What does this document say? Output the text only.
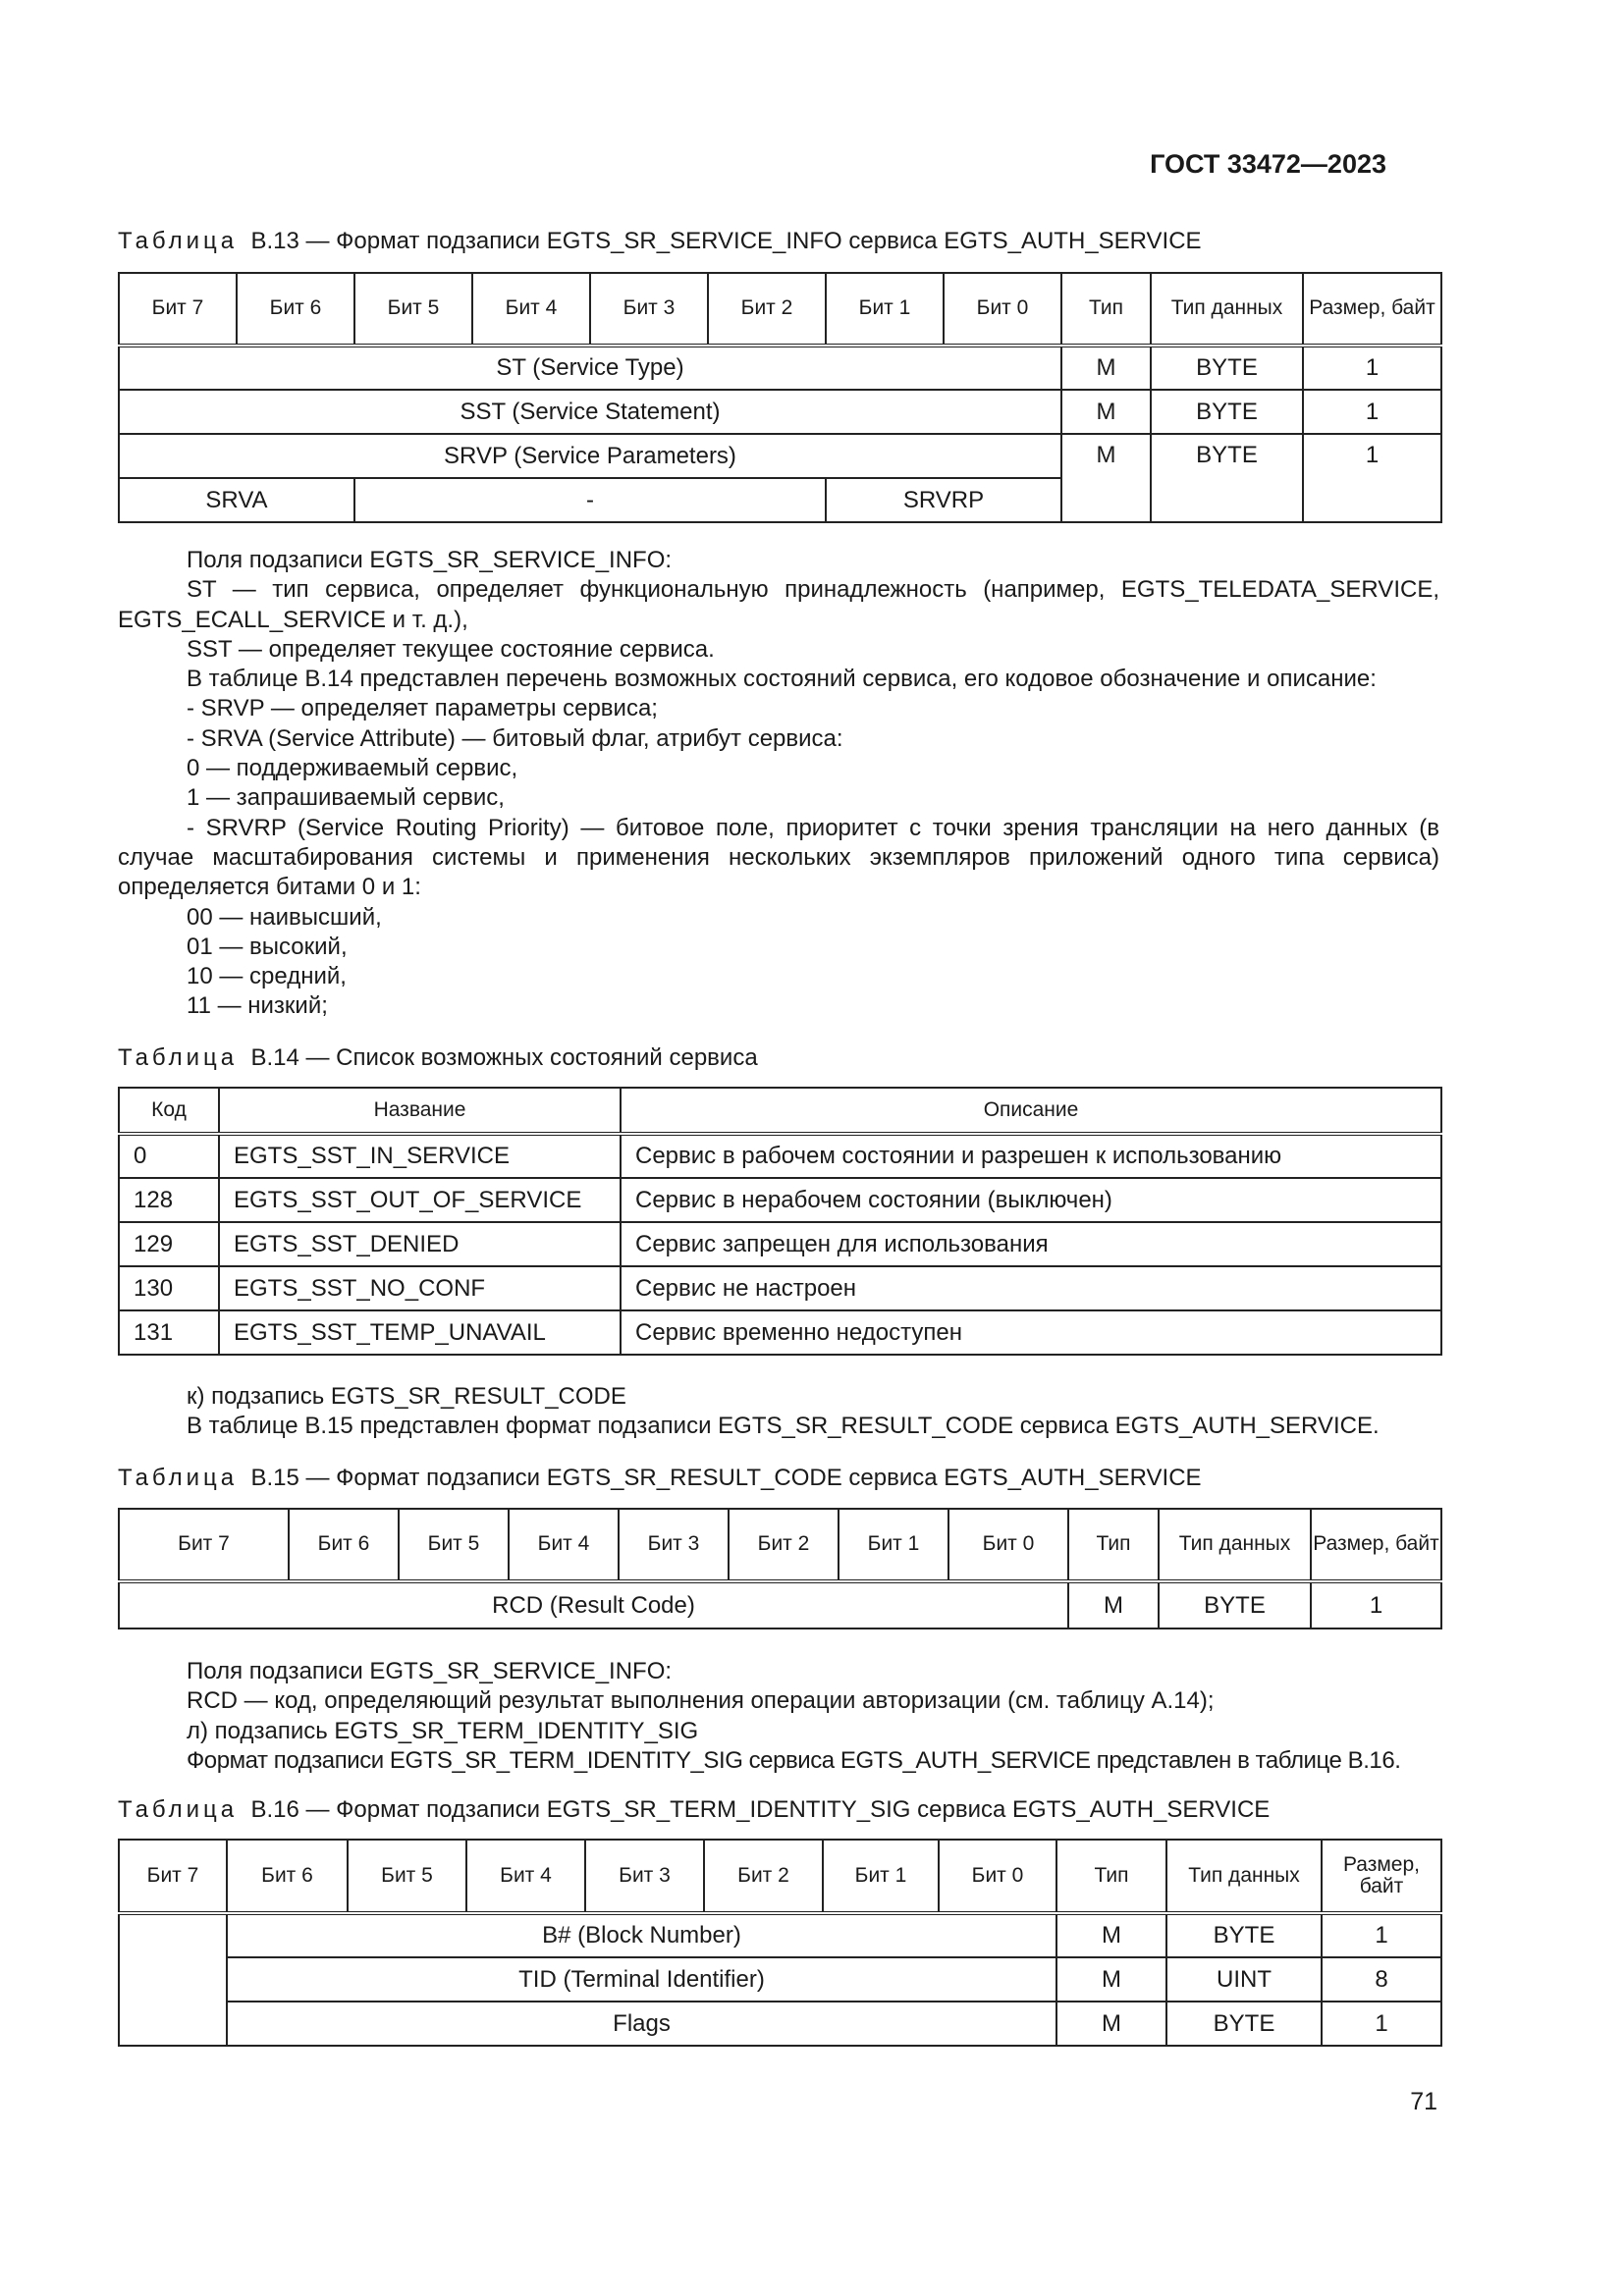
ГОСТ 33472—2023
Таблица В.13 — Формат подзаписи EGTS_SR_SERVICE_INFO сервиса EGTS_AUTH_SERVICE
Бит 7	Бит 6	Бит 5	Бит 4	Бит 3	Бит 2	Бит 1	Бит 0	Тип	Тип данных	Размер, байт
ST (Service Type)								M	BYTE	1
SST (Service Statement)								M	BYTE	1
SRVP (Service Parameters)								M	BYTE	1
SRVA		-				SRVRP				

Поля подзаписи EGTS_SR_SERVICE_INFO:

ST — тип сервиса, определяет функциональную принадлежность (например, EGTS_TELEDATA_SERVICE, EGTS_ECALL_SERVICE и т. д.),

SST — определяет текущее состояние сервиса.

В таблице В.14 представлен перечень возможных состояний сервиса, его кодовое обозначение и описание:

- SRVP — определяет параметры сервиса;

- SRVA (Service Attribute) — битовый флаг, атрибут сервиса:

0 — поддерживаемый сервис,

1 — запрашиваемый сервис,

- SRVRP (Service Routing Priority) — битовое поле, приоритет с точки зрения трансляции на него данных (в случае масштабирования системы и применения нескольких экземпляров приложений одного типа сервиса) определяется битами 0 и 1:

00 — наивысший,

01 — высокий,

10 — средний,

11 — низкий;

Таблица В.14 — Список возможных состояний сервиса
Код	Название	Описание
0	EGTS_SST_IN_SERVICE	Сервис в рабочем состоянии и разрешен к использованию
128	EGTS_SST_OUT_OF_SERVICE	Сервис в нерабочем состоянии (выключен)
129	EGTS_SST_DENIED	Сервис запрещен для использования
130	EGTS_SST_NO_CONF	Сервис не настроен
131	EGTS_SST_TEMP_UNAVAIL	Сервис временно недоступен

к) подзапись EGTS_SR_RESULT_CODE

В таблице В.15 представлен формат подзаписи EGTS_SR_RESULT_CODE сервиса EGTS_AUTH_SERVICE.

Таблица В.15 — Формат подзаписи EGTS_SR_RESULT_CODE сервиса EGTS_AUTH_SERVICE
Бит 7	Бит 6	Бит 5	Бит 4	Бит 3	Бит 2	Бит 1	Бит 0	Тип	Тип данных	Размер, байт
RCD (Result Code)								M	BYTE	1

Поля подзаписи EGTS_SR_SERVICE_INFO:

RCD — код, определяющий результат выполнения операции авторизации (см. таблицу А.14);

л) подзапись EGTS_SR_TERM_IDENTITY_SIG

Формат подзаписи EGTS_SR_TERM_IDENTITY_SIG сервиса EGTS_AUTH_SERVICE представлен в таблице В.16.

Таблица В.16 — Формат подзаписи EGTS_SR_TERM_IDENTITY_SIG сервиса EGTS_AUTH_SERVICE
Бит 7	Бит 6	Бит 5	Бит 4	Бит 3	Бит 2	Бит 1	Бит 0	Тип	Тип данных	Размер, байт
	B# (Block Number)							M	BYTE	1
	TID (Terminal Identifier)							M	UINT	8
	Flags							M	BYTE	1
71
